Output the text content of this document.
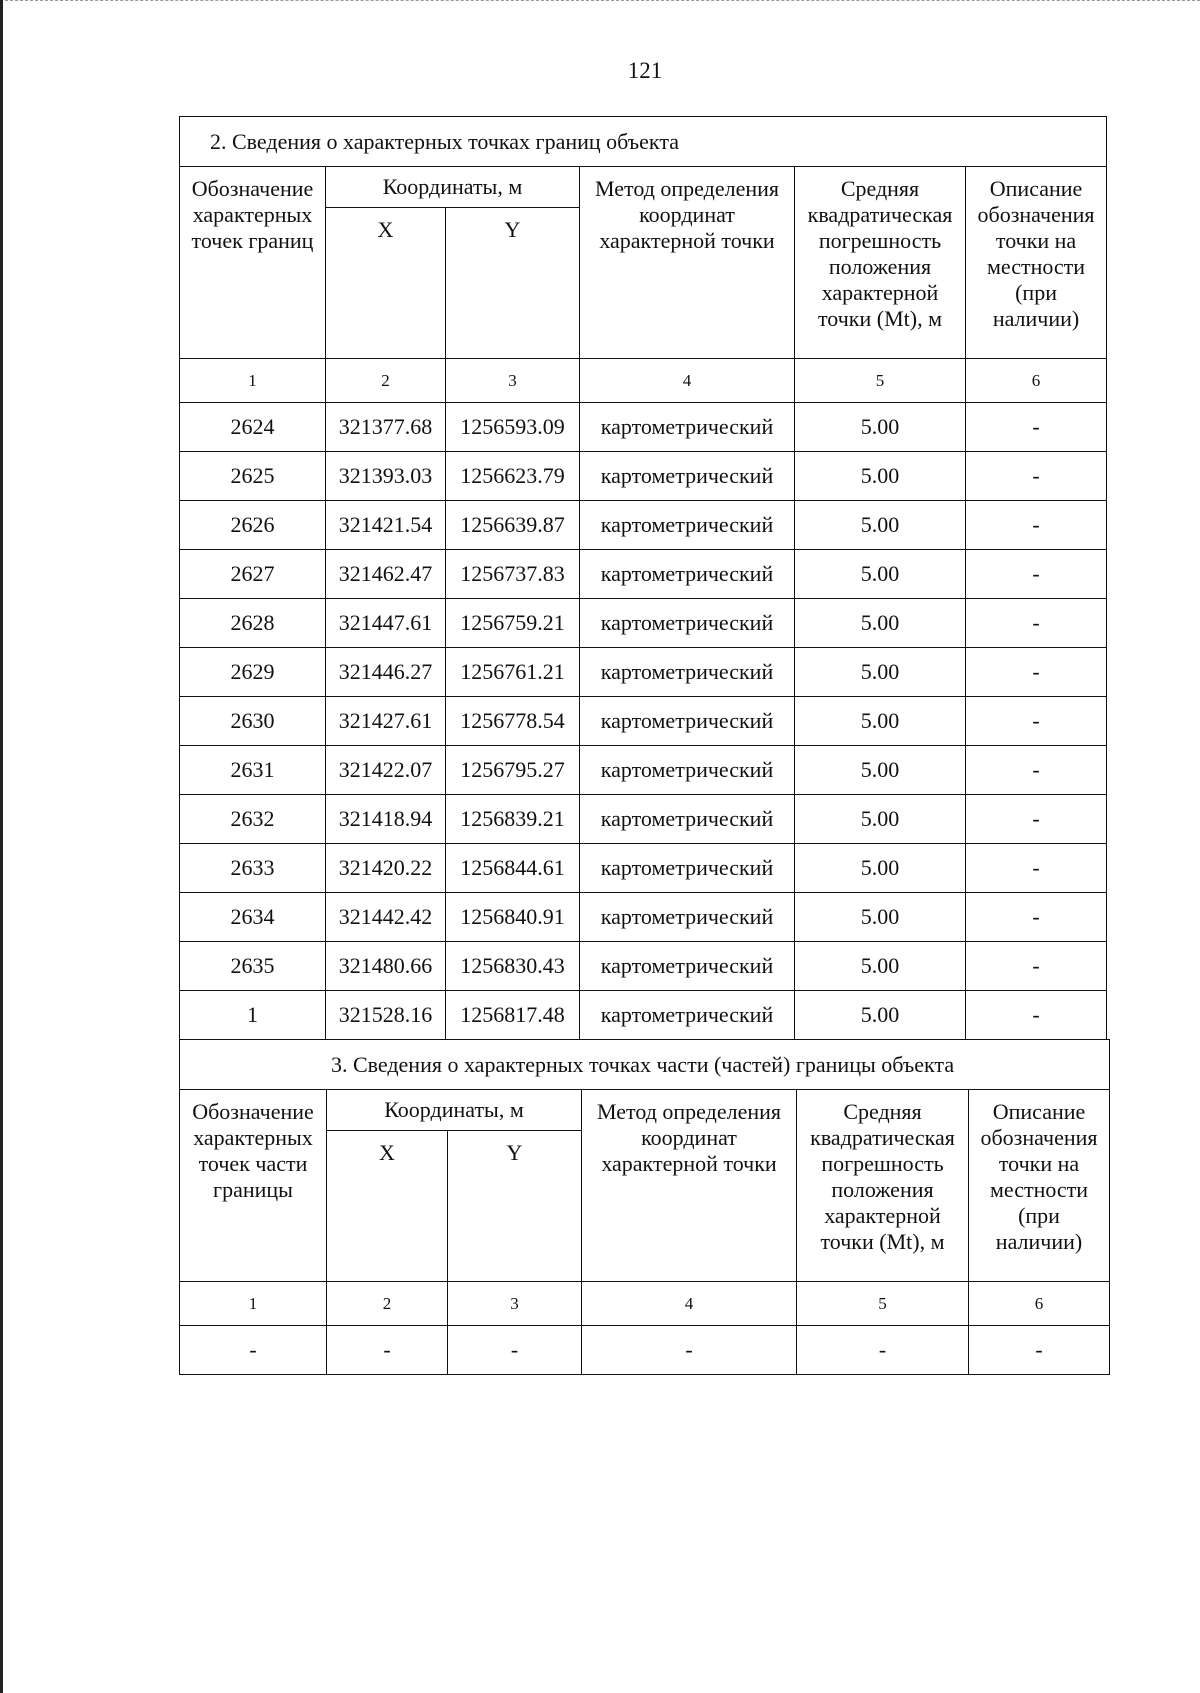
121
2. Сведения о характерных точках границ объекта					
Обозначение характерных точек границ	Координаты, м		Метод определения координат характерной точки	Средняя квадратическая погрешность положения характерной точки (Mt), м	Описание обозначения точки на местности (при наличии)
	X	Y			
1	2	3	4	5	6
2624	321377.68	1256593.09	картометрический	5.00	-
2625	321393.03	1256623.79	картометрический	5.00	-
2626	321421.54	1256639.87	картометрический	5.00	-
2627	321462.47	1256737.83	картометрический	5.00	-
2628	321447.61	1256759.21	картометрический	5.00	-
2629	321446.27	1256761.21	картометрический	5.00	-
2630	321427.61	1256778.54	картометрический	5.00	-
2631	321422.07	1256795.27	картометрический	5.00	-
2632	321418.94	1256839.21	картометрический	5.00	-
2633	321420.22	1256844.61	картометрический	5.00	-
2634	321442.42	1256840.91	картометрический	5.00	-
2635	321480.66	1256830.43	картометрический	5.00	-
1	321528.16	1256817.48	картометрический	5.00	-
3. Сведения о характерных точках части (частей) границы объекта					
Обозначение характерных точек части границы	Координаты, м		Метод определения координат характерной точки	Средняя квадратическая погрешность положения характерной точки (Mt), м	Описание обозначения точки на местности (при наличии)
	X	Y			
1	2	3	4	5	6
-	-	-	-	-	-
